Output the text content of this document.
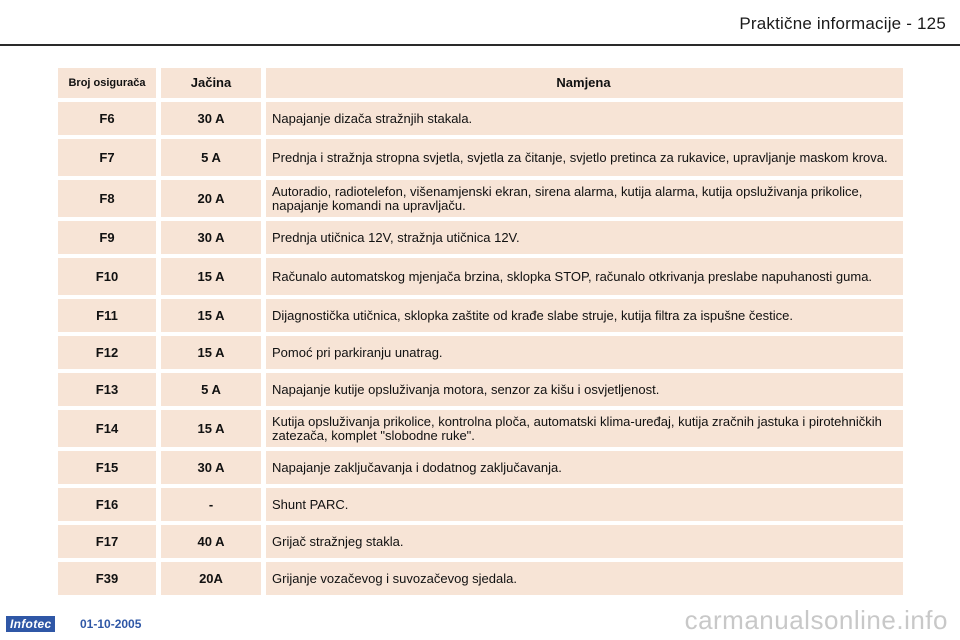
Praktične informacije - 125
Broj osigurača	Jačina	Namjena
F6	30 A	Napajanje dizača stražnjih stakala.
F7	5 A	Prednja i stražnja stropna svjetla, svjetla za čitanje, svjetlo pretinca za rukavice, upravljanje maskom krova.
F8	20 A	Autoradio, radiotelefon, višenamjenski ekran, sirena alarma, kutija alarma, kutija opsluživanja prikolice, napajanje komandi na upravljaču.
F9	30 A	Prednja utičnica 12V, stražnja utičnica 12V.
F10	15 A	Računalo automatskog mjenjača brzina, sklopka STOP, računalo otkrivanja preslabe napuhanosti guma.
F11	15 A	Dijagnostička utičnica, sklopka zaštite od krađe slabe struje, kutija filtra za ispušne čestice.
F12	15 A	Pomoć pri parkiranju unatrag.
F13	5 A	Napajanje kutije opsluživanja motora, senzor za kišu i osvjetljenost.
F14	15 A	Kutija opsluživanja prikolice, kontrolna ploča, automatski klima-uređaj, kutija zračnih jastuka i pirotehničkih zatezača, komplet "slobodne ruke".
F15	30 A	Napajanje zaključavanja i dodatnog zaključavanja.
F16	-	Shunt PARC.
F17	40 A	Grijač stražnjeg stakla.
F39	20A	Grijanje vozačevog i suvozačevog sjedala.
Infotec	01-10-2005	carmanualsonline.info
